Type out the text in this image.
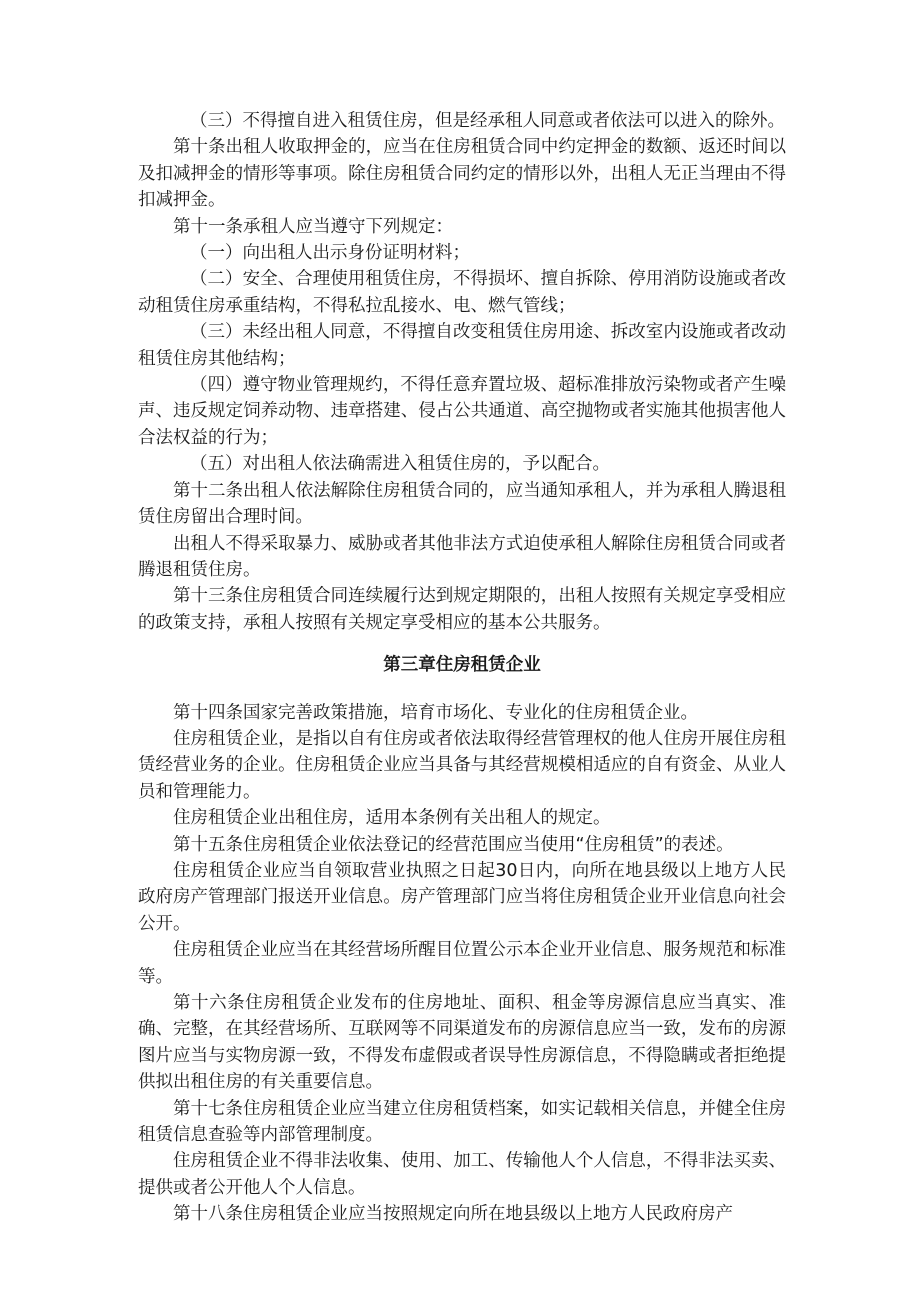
（三）不得擅自进入租赁住房，但是经承租人同意或者依法可以进入的除外。

第十条出租人收取押金的，应当在住房租赁合同中约定押金的数额、返还时间以及扣减押金的情形等事项。除住房租赁合同约定的情形以外，出租人无正当理由不得扣减押金。

第十一条承租人应当遵守下列规定：

（一）向出租人出示身份证明材料；

（二）安全、合理使用租赁住房，不得损坏、擅自拆除、停用消防设施或者改动租赁住房承重结构，不得私拉乱接水、电、燃气管线；

（三）未经出租人同意，不得擅自改变租赁住房用途、拆改室内设施或者改动租赁住房其他结构；

（四）遵守物业管理规约，不得任意弃置垃圾、超标准排放污染物或者产生噪声、违反规定饲养动物、违章搭建、侵占公共通道、高空抛物或者实施其他损害他人合法权益的行为；

（五）对出租人依法确需进入租赁住房的，予以配合。

第十二条出租人依法解除住房租赁合同的，应当通知承租人，并为承租人腾退租赁住房留出合理时间。

出租人不得采取暴力、威胁或者其他非法方式迫使承租人解除住房租赁合同或者腾退租赁住房。

第十三条住房租赁合同连续履行达到规定期限的，出租人按照有关规定享受相应的政策支持，承租人按照有关规定享受相应的基本公共服务。

第三章住房租赁企业

第十四条国家完善政策措施，培育市场化、专业化的住房租赁企业。

住房租赁企业，是指以自有住房或者依法取得经营管理权的他人住房开展住房租赁经营业务的企业。住房租赁企业应当具备与其经营规模相适应的自有资金、从业人员和管理能力。

住房租赁企业出租住房，适用本条例有关出租人的规定。

第十五条住房租赁企业依法登记的经营范围应当使用“住房租赁”的表述。

住房租赁企业应当自领取营业执照之日起30日内，向所在地县级以上地方人民政府房产管理部门报送开业信息。房产管理部门应当将住房租赁企业开业信息向社会公开。

住房租赁企业应当在其经营场所醒目位置公示本企业开业信息、服务规范和标准等。

第十六条住房租赁企业发布的住房地址、面积、租金等房源信息应当真实、准确、完整，在其经营场所、互联网等不同渠道发布的房源信息应当一致，发布的房源图片应当与实物房源一致，不得发布虚假或者误导性房源信息，不得隐瞒或者拒绝提供拟出租住房的有关重要信息。

第十七条住房租赁企业应当建立住房租赁档案，如实记载相关信息，并健全住房租赁信息查验等内部管理制度。

住房租赁企业不得非法收集、使用、加工、传输他人个人信息，不得非法买卖、提供或者公开他人个人信息。

第十八条住房租赁企业应当按照规定向所在地县级以上地方人民政府房产
